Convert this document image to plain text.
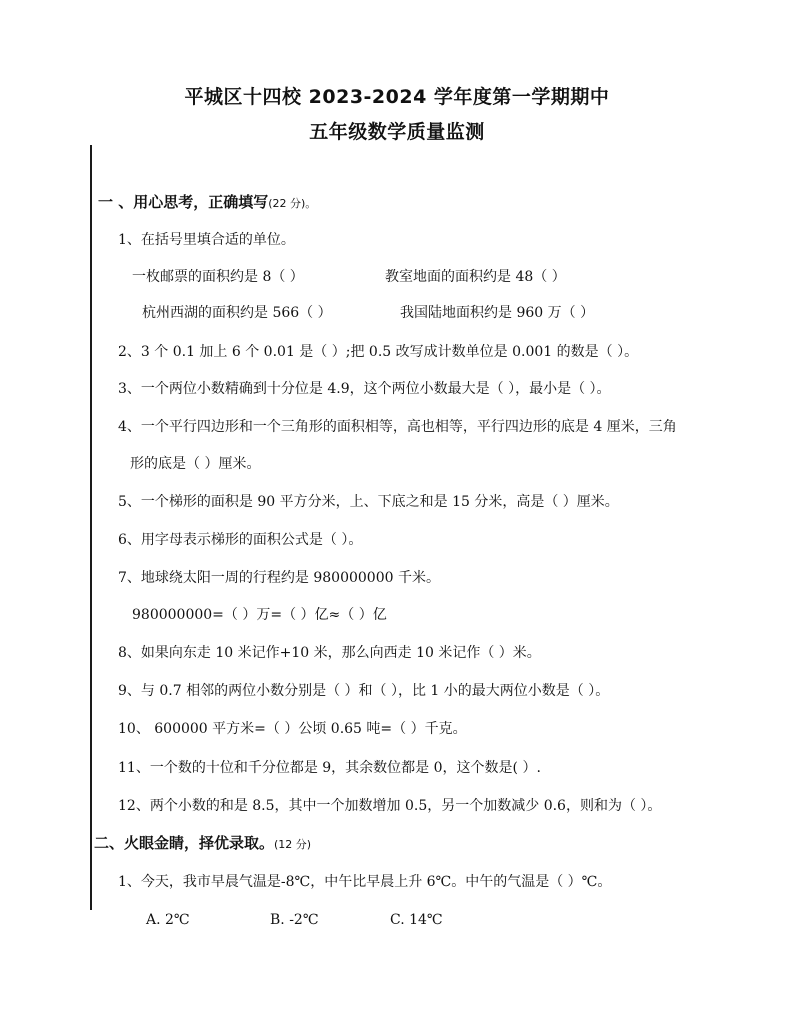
平城区十四校 2023-2024 学年度第一学期期中
五年级数学质量监测
一 、用心思考，正确填写(22 分)。
1、在括号里填合适的单位。
一枚邮票的面积约是 8（ ）	教室地面的面积约是 48（ ）
杭州西湖的面积约是 566（ ）	我国陆地面积约是 960 万（ ）
2、3 个 0.1 加上 6 个 0.01 是（ ）;把 0.5 改写成计数单位是 0.001 的数是（ ）。
3、一个两位小数精确到十分位是 4.9，这个两位小数最大是（ ），最小是（ ）。
4、一个平行四边形和一个三角形的面积相等，高也相等，平行四边形的底是 4 厘米，三角
形的底是（ ）厘米。
5、一个梯形的面积是 90 平方分米，上、下底之和是 15 分米，高是（ ）厘米。
6、用字母表示梯形的面积公式是（ ）。
7、地球绕太阳一周的行程约是 980000000 千米。
980000000=（ ）万=（ ）亿≈（ ）亿
8、如果向东走 10 米记作+10 米，那么向西走 10 米记作（ ）米。
9、与 0.7 相邻的两位小数分别是（ ）和（ ），比 1 小的最大两位小数是（ ）。
10、 600000 平方米=（ ）公顷 0.65 吨=（ ）千克。
11、一个数的十位和千分位都是 9，其余数位都是 0，这个数是( ）.
12、两个小数的和是 8.5，其中一个加数增加 0.5，另一个加数减少 0.6，则和为（ ）。
二、火眼金睛，择优录取。(12 分)
1、今天，我市早晨气温是-8℃，中午比早晨上升 6℃。中午的气温是（ ）℃。
A. 2℃	B. -2℃	C. 14℃
